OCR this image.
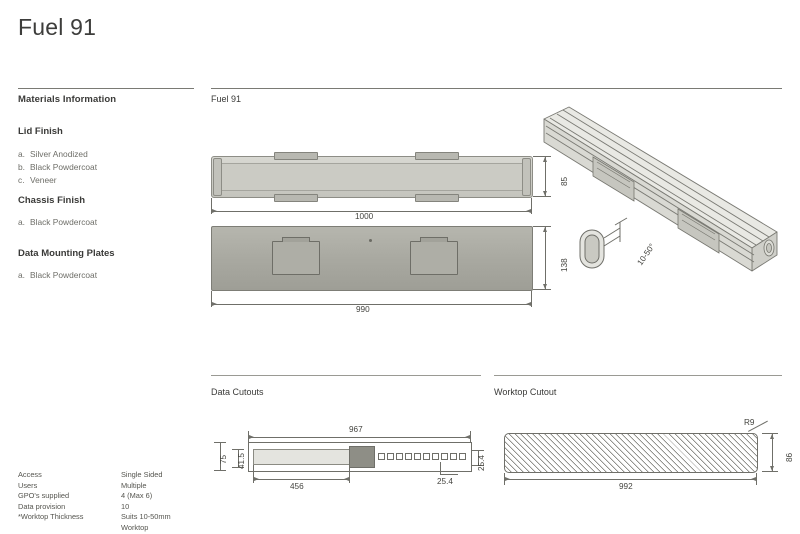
Fuel 91
Materials Information
Lid Finish
a. Silver Anodized
b. Black Powdercoat
c. Veneer
Chassis Finish
a. Black Powdercoat
Data Mounting Plates
a. Black Powdercoat
Access	Single Sided
Users	Multiple
GPO's supplied	4 (Max 6)
Data provision	10
*Worktop Thickness	Suits 10-50mm Worktop
Fuel 91
85
1000
138
990
10-50°
Data Cutouts	Worktop Cutout
967
456
75 41.5	25.4
25.4
R9
86
992
